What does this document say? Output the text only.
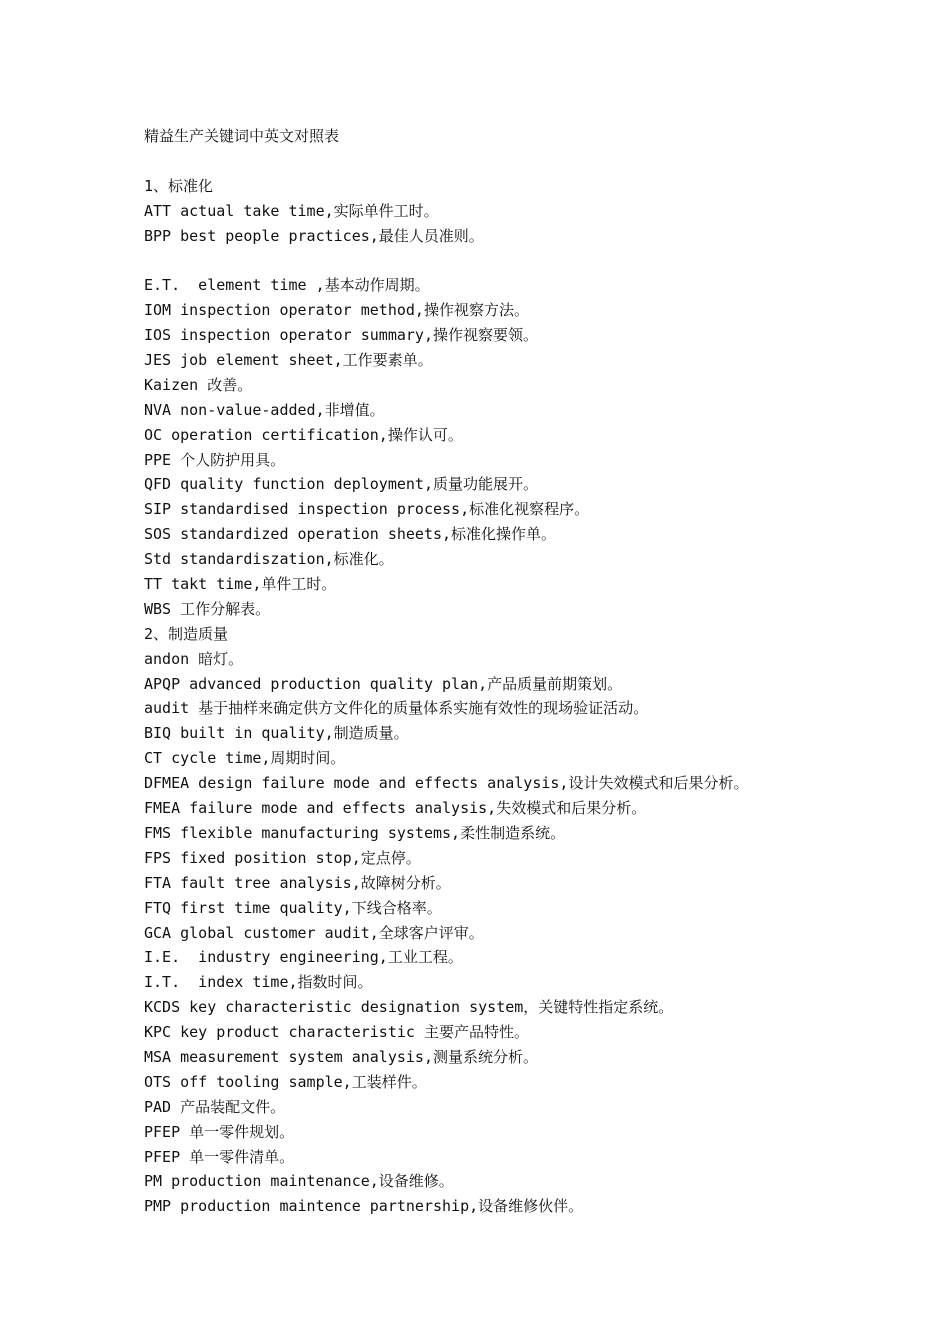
精益生产关键词中英文对照表
1、标准化
ATT actual take time,实际单件工时。
BPP best people practices,最佳人员准则。
E.T.  element time ,基本动作周期。
IOM inspection operator method,操作视察方法。
IOS inspection operator summary,操作视察要领。
JES job element sheet,工作要素单。
Kaizen 改善。
NVA non-value-added,非增值。
OC operation certification,操作认可。
PPE 个人防护用具。
QFD quality function deployment,质量功能展开。
SIP standardised inspection process,标准化视察程序。
SOS standardized operation sheets,标准化操作单。
Std standardiszation,标准化。
TT takt time,单件工时。
WBS 工作分解表。
2、制造质量
andon 暗灯。
APQP advanced production quality plan,产品质量前期策划。
audit 基于抽样来确定供方文件化的质量体系实施有效性的现场验证活动。
BIQ built in quality,制造质量。
CT cycle time,周期时间。
DFMEA design failure mode and effects analysis,设计失效模式和后果分析。
FMEA failure mode and effects analysis,失效模式和后果分析。
FMS flexible manufacturing systems,柔性制造系统。
FPS fixed position stop,定点停。
FTA fault tree analysis,故障树分析。
FTQ first time quality,下线合格率。
GCA global customer audit,全球客户评审。
I.E.  industry engineering,工业工程。
I.T.  index time,指数时间。
KCDS key characteristic designation system，关键特性指定系统。
KPC key product characteristic 主要产品特性。
MSA measurement system analysis,测量系统分析。
OTS off tooling sample,工装样件。
PAD 产品装配文件。
PFEP 单一零件规划。
PFEP 单一零件清单。
PM production maintenance,设备维修。
PMP production maintence partnership,设备维修伙伴。
